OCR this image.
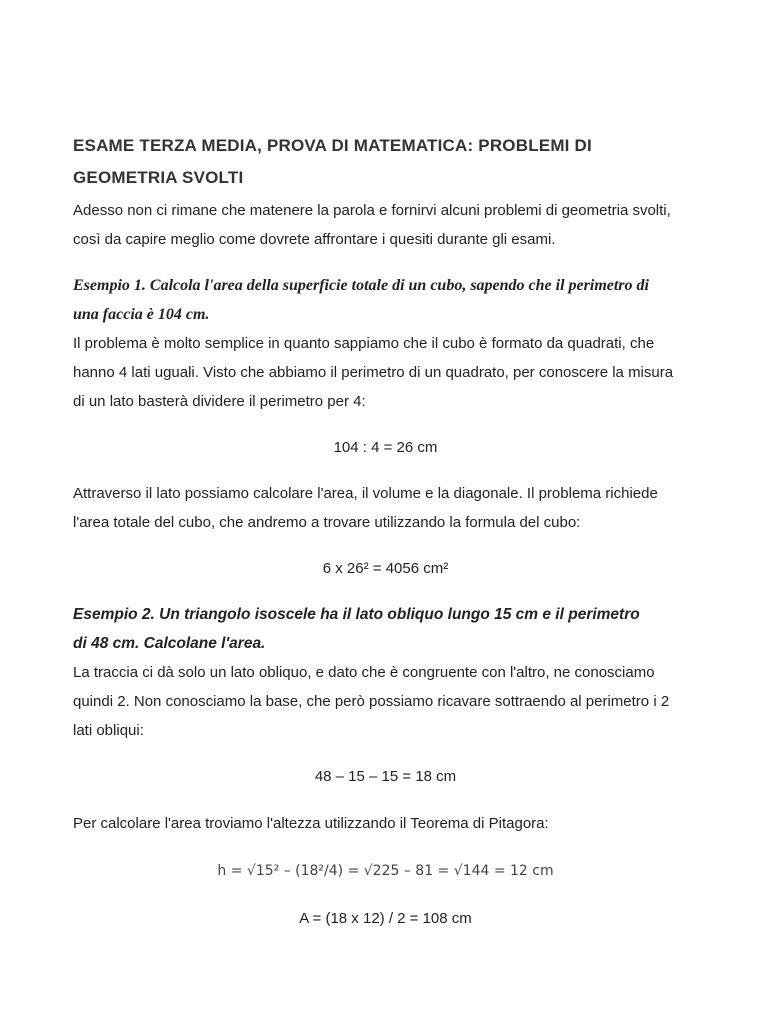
ESAME TERZA MEDIA, PROVA DI MATEMATICA: PROBLEMI DI
GEOMETRIA SVOLTI

Adesso non ci rimane che matenere la parola e fornirvi alcuni problemi di geometria svolti,
così da capire meglio come dovrete affrontare i quesiti durante gli esami.

Esempio 1. Calcola l'area della superficie totale di un cubo, sapendo che il perimetro di
una faccia è 104 cm.

Il problema è molto semplice in quanto sappiamo che il cubo è formato da quadrati, che
hanno 4 lati uguali. Visto che abbiamo il perimetro di un quadrato, per conoscere la misura
di un lato basterà dividere il perimetro per 4:

104 : 4 = 26 cm

Attraverso il lato possiamo calcolare l'area, il volume e la diagonale. Il problema richiede
l'area totale del cubo, che andremo a trovare utilizzando la formula del cubo:

6 x 26² = 4056 cm²

Esempio 2. Un triangolo isoscele ha il lato obliquo lungo 15 cm e il perimetro
di 48 cm. Calcolane l'area.

La traccia ci dà solo un lato obliquo, e dato che è congruente con l'altro, ne conosciamo
quindi 2. Non conosciamo la base, che però possiamo ricavare sottraendo al perimetro i 2
lati obliqui:

48 – 15 – 15 = 18 cm

Per calcolare l'area troviamo l'altezza utilizzando il Teorema di Pitagora:

h = √15² – (18²/4) = √225 – 81 = √144 = 12 cm

A = (18 x 12) / 2 = 108 cm
